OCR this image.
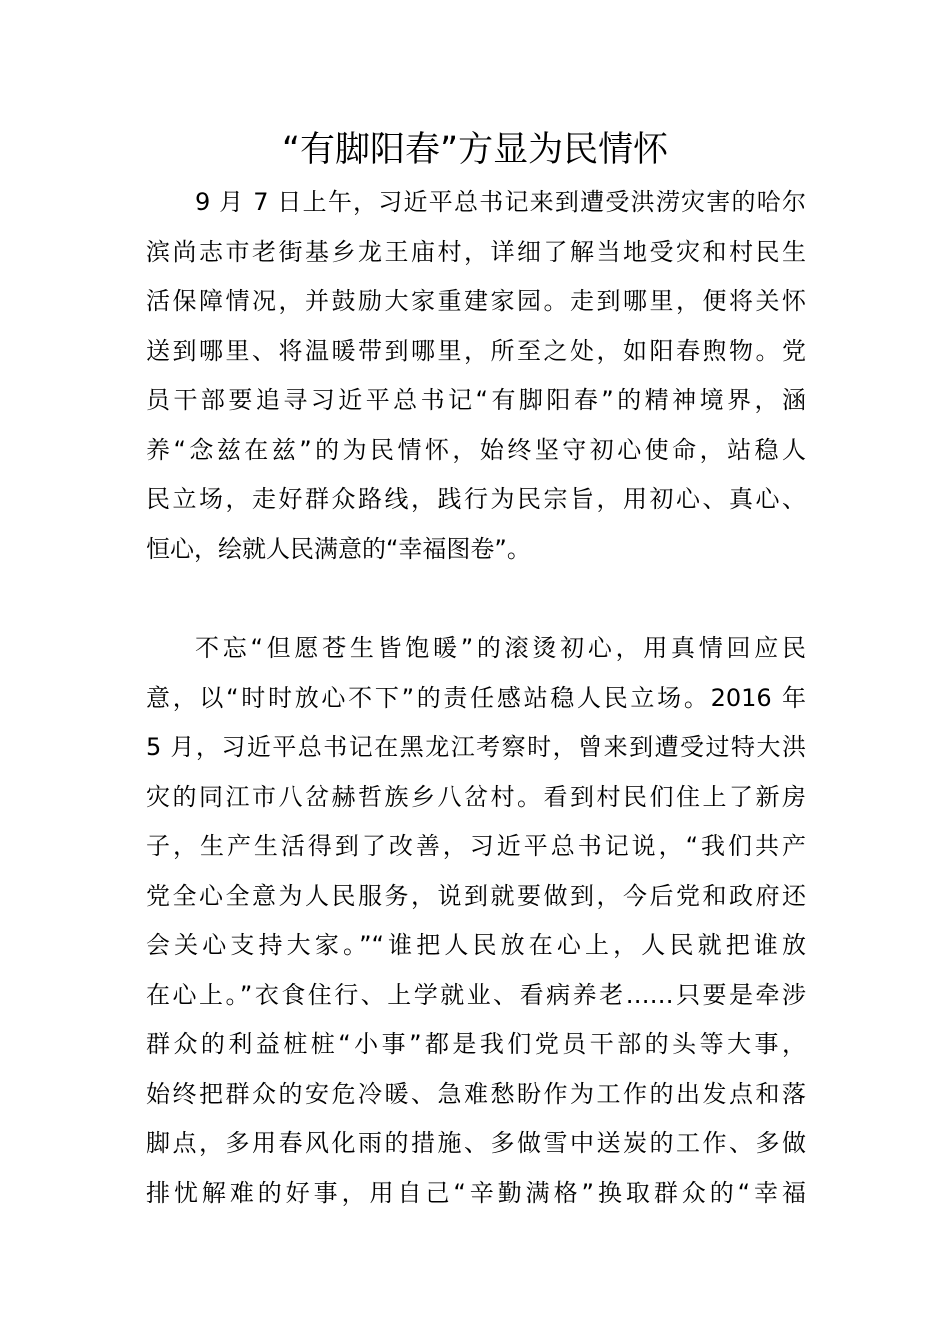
“有脚阳春”方显为民情怀
9 月 7 日上午，习近平总书记来到遭受洪涝灾害的哈尔
滨尚志市老街基乡龙王庙村，详细了解当地受灾和村民生
活保障情况，并鼓励大家重建家园。走到哪里，便将关怀
送到哪里、将温暖带到哪里，所至之处，如阳春煦物。党
员干部要追寻习近平总书记“有脚阳春”的精神境界，涵
养“念兹在兹”的为民情怀，始终坚守初心使命，站稳人
民立场，走好群众路线，践行为民宗旨，用初心、真心、
恒心，绘就人民满意的“幸福图卷”。
不忘“但愿苍生皆饱暖”的滚烫初心，用真情回应民
意，以“时时放心不下”的责任感站稳人民立场。2016 年
5 月，习近平总书记在黑龙江考察时，曾来到遭受过特大洪
灾的同江市八岔赫哲族乡八岔村。看到村民们住上了新房
子，生产生活得到了改善，习近平总书记说，“我们共产
党全心全意为人民服务，说到就要做到，今后党和政府还
会关心支持大家。”“谁把人民放在心上，人民就把谁放
在心上。”衣食住行、上学就业、看病养老……只要是牵涉
群众的利益桩桩“小事”都是我们党员干部的头等大事，
始终把群众的安危冷暖、急难愁盼作为工作的出发点和落
脚点，多用春风化雨的措施、多做雪中送炭的工作、多做
排忧解难的好事，用自己“辛勤满格”换取群众的“幸福
